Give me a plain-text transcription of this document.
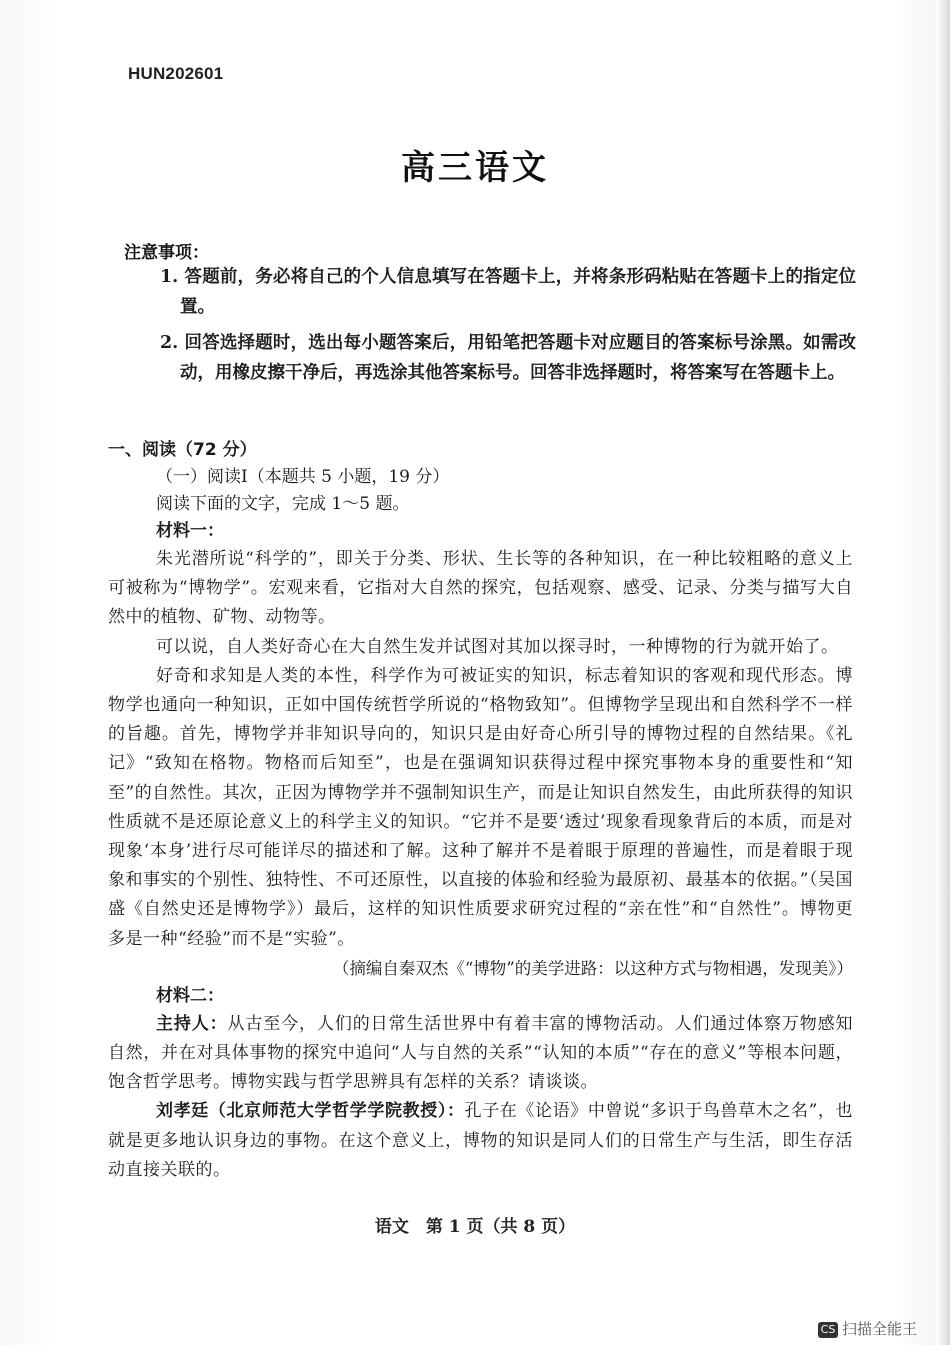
HUN202601
高三语文
注意事项：
1. 答题前，务必将自己的个人信息填写在答题卡上，并将条形码粘贴在答题卡上的指定位置。
2. 回答选择题时，选出每小题答案后，用铅笔把答题卡对应题目的答案标号涂黑。如需改动，用橡皮擦干净后，再选涂其他答案标号。回答非选择题时，将答案写在答题卡上。

一、阅读（72 分）

（一）阅读Ⅰ（本题共 5 小题，19 分）

阅读下面的文字，完成 1～5 题。

材料一：

朱光潜所说“科学的”，即关于分类、形状、生长等的各种知识，在一种比较粗略的意义上可被称为“博物学”。宏观来看，它指对大自然的探究，包括观察、感受、记录、分类与描写大自然中的植物、矿物、动物等。

可以说，自人类好奇心在大自然生发并试图对其加以探寻时，一种博物的行为就开始了。

好奇和求知是人类的本性，科学作为可被证实的知识，标志着知识的客观和现代形态。博物学也通向一种知识，正如中国传统哲学所说的“格物致知”。但博物学呈现出和自然科学不一样的旨趣。首先，博物学并非知识导向的，知识只是由好奇心所引导的博物过程的自然结果。《礼记》“致知在格物。物格而后知至”，也是在强调知识获得过程中探究事物本身的重要性和“知至”的自然性。其次，正因为博物学并不强制知识生产，而是让知识自然发生，由此所获得的知识性质就不是还原论意义上的科学主义的知识。“它并不是要‘透过’现象看现象背后的本质，而是对现象‘本身’进行尽可能详尽的描述和了解。这种了解并不是着眼于原理的普遍性，而是着眼于现象和事实的个别性、独特性、不可还原性，以直接的体验和经验为最原初、最基本的依据。”（吴国盛《自然史还是博物学》）最后，这样的知识性质要求研究过程的“亲在性”和“自然性”。博物更多是一种“经验”而不是“实验”。

（摘编自秦双杰《“博物”的美学进路：以这种方式与物相遇，发现美》）

材料二：

主持人：从古至今，人们的日常生活世界中有着丰富的博物活动。人们通过体察万物感知自然，并在对具体事物的探究中追问“人与自然的关系”“认知的本质”“存在的意义”等根本问题，饱含哲学思考。博物实践与哲学思辨具有怎样的关系？请谈谈。

刘孝廷（北京师范大学哲学学院教授）：孔子在《论语》中曾说“多识于鸟兽草木之名”，也就是更多地认识身边的事物。在这个意义上，博物的知识是同人们的日常生产与生活，即生存活动直接关联的。

语文　第 1 页（共 8 页）
CS 扫描全能王
